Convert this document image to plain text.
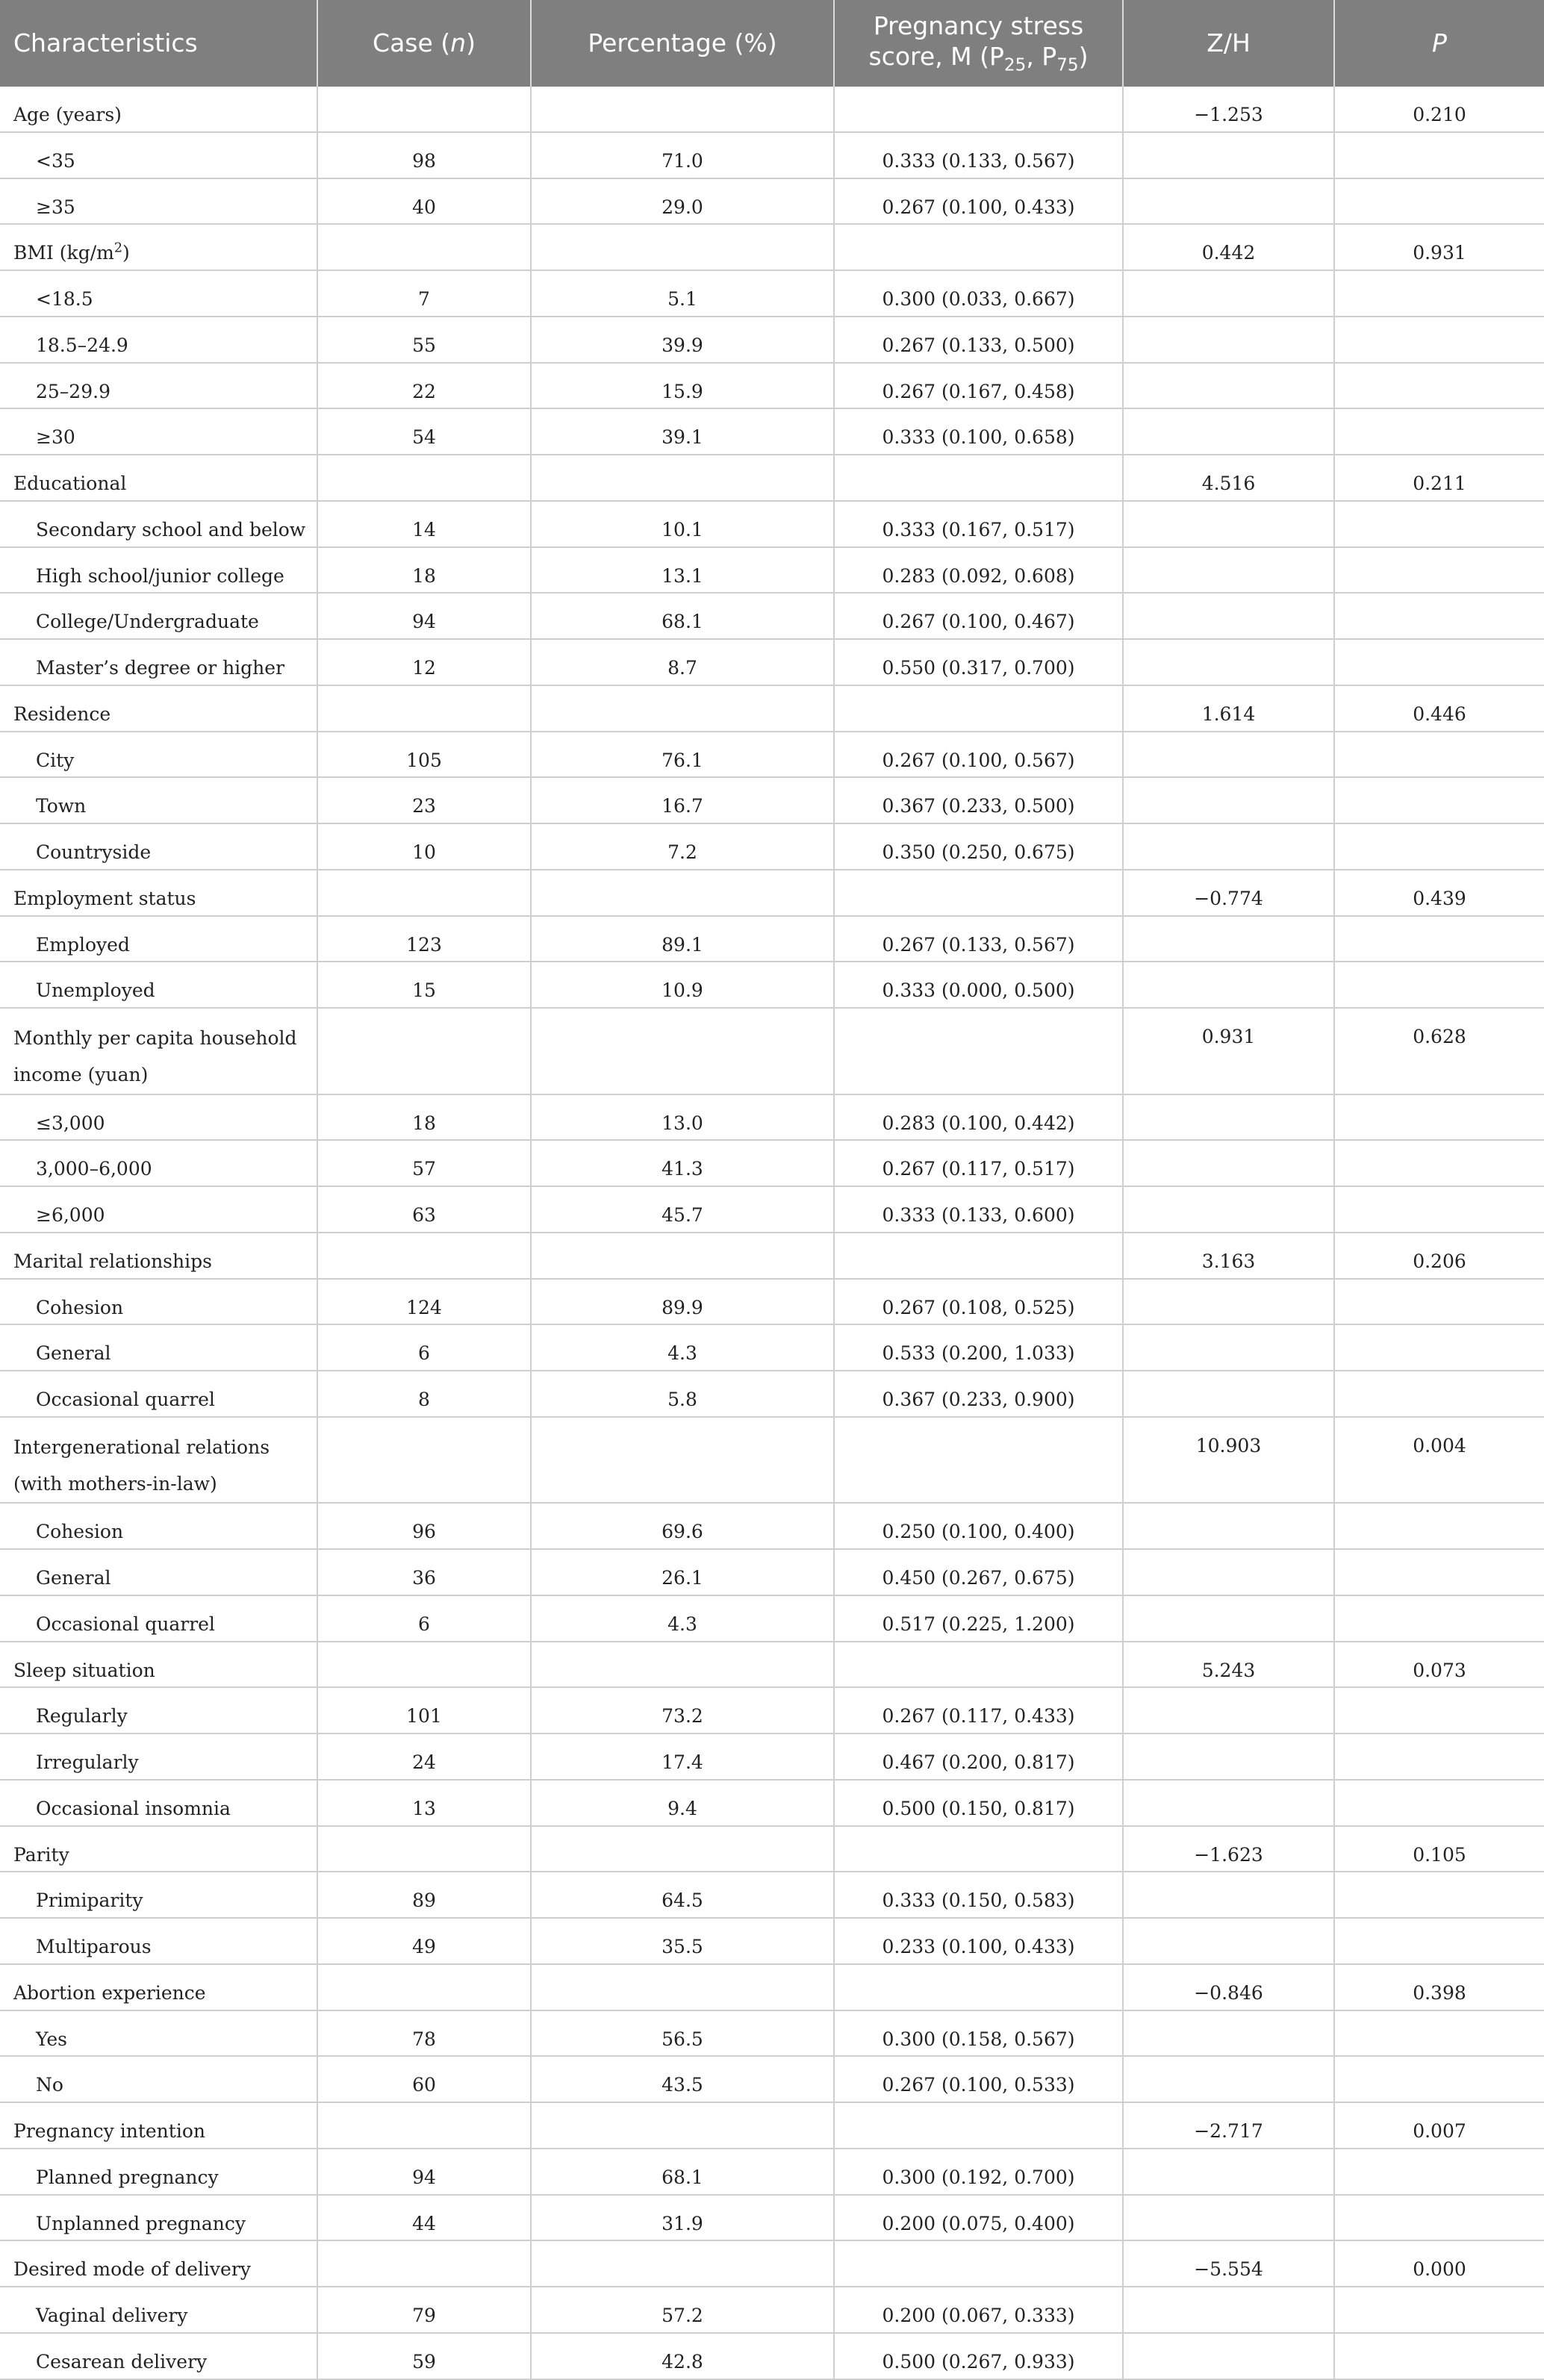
Characteristics	Case (n)	Percentage (%)	Pregnancy stress
score, M ($P_{25}$, $P_{75}$)	Z/H	P
Age (years)				−1.253	0.210
<35	98	71.0	0.333 (0.133, 0.567)		
≥35	40	29.0	0.267 (0.100, 0.433)		
BMI $(kg/m^2)$				0.442	0.931
<18.5	7	5.1	0.300 (0.033, 0.667)		
18.5–24.9	55	39.9	0.267 (0.133, 0.500)		
25–29.9	22	15.9	0.267 (0.167, 0.458)		
≥30	54	39.1	0.333 (0.100, 0.658)		
Educational				4.516	0.211
Secondary school and below	14	10.1	0.333 (0.167, 0.517)		
High school/junior college	18	13.1	0.283 (0.092, 0.608)		
College/Undergraduate	94	68.1	0.267 (0.100, 0.467)		
Master’s degree or higher	12	8.7	0.550 (0.317, 0.700)		
Residence				1.614	0.446
City	105	76.1	0.267 (0.100, 0.567)		
Town	23	16.7	0.367 (0.233, 0.500)		
Countryside	10	7.2	0.350 (0.250, 0.675)		
Employment status				−0.774	0.439
Employed	123	89.1	0.267 (0.133, 0.567)		
Unemployed	15	10.9	0.333 (0.000, 0.500)		
Monthly per capita household income (yuan)				0.931	0.628
≤3,000	18	13.0	0.283 (0.100, 0.442)		
3,000–6,000	57	41.3	0.267 (0.117, 0.517)		
≥6,000	63	45.7	0.333 (0.133, 0.600)		
Marital relationships				3.163	0.206
Cohesion	124	89.9	0.267 (0.108, 0.525)		
General	6	4.3	0.533 (0.200, 1.033)		
Occasional quarrel	8	5.8	0.367 (0.233, 0.900)		
Intergenerational relations (with mothers-in-law)				10.903	0.004
Cohesion	96	69.6	0.250 (0.100, 0.400)		
General	36	26.1	0.450 (0.267, 0.675)		
Occasional quarrel	6	4.3	0.517 (0.225, 1.200)		
Sleep situation				5.243	0.073
Regularly	101	73.2	0.267 (0.117, 0.433)		
Irregularly	24	17.4	0.467 (0.200, 0.817)		
Occasional insomnia	13	9.4	0.500 (0.150, 0.817)		
Parity				−1.623	0.105
Primiparity	89	64.5	0.333 (0.150, 0.583)		
Multiparous	49	35.5	0.233 (0.100, 0.433)		
Abortion experience				−0.846	0.398
Yes	78	56.5	0.300 (0.158, 0.567)		
No	60	43.5	0.267 (0.100, 0.533)		
Pregnancy intention				−2.717	0.007
Planned pregnancy	94	68.1	0.300 (0.192, 0.700)		
Unplanned pregnancy	44	31.9	0.200 (0.075, 0.400)		
Desired mode of delivery				−5.554	0.000
Vaginal delivery	79	57.2	0.200 (0.067, 0.333)		
Cesarean delivery	59	42.8	0.500 (0.267, 0.933)		
